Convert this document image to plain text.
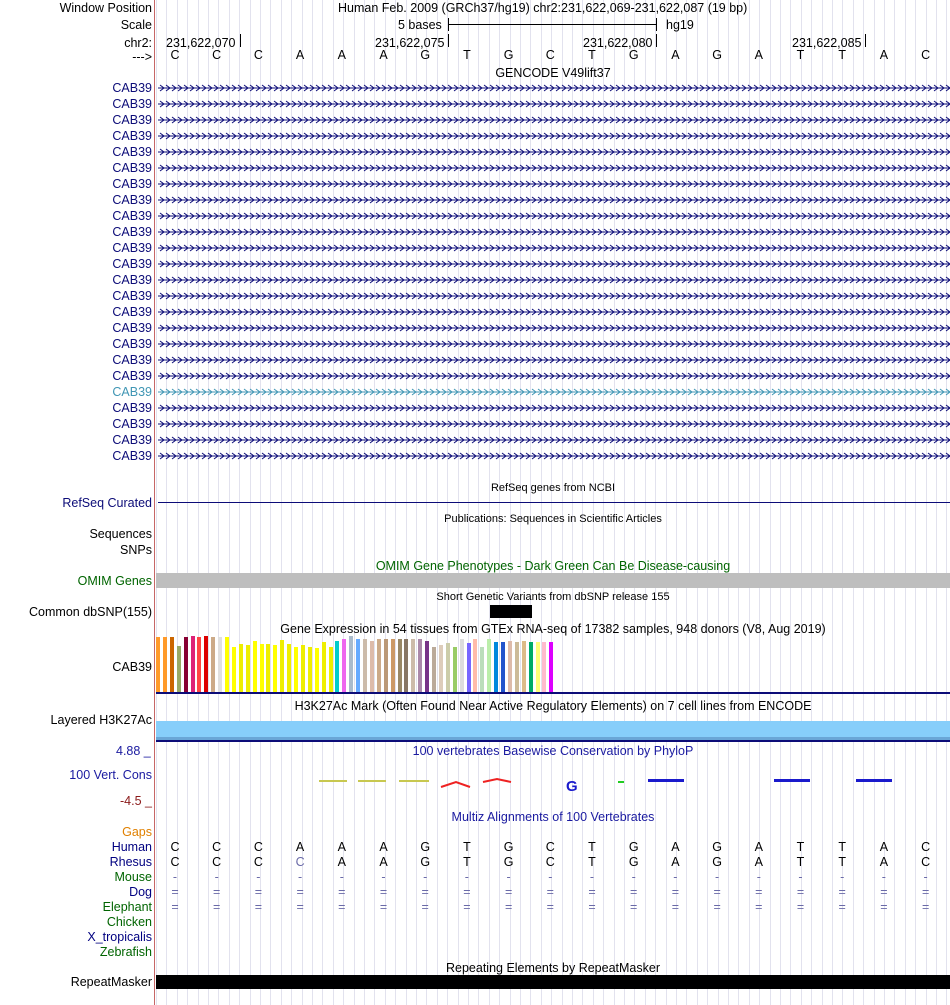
Window Position	Human Feb. 2009 (GRCh37/hg19) chr2:231,622,069-231,622,087 (19 bp)
Scale	5 bases	hg19
chr2: 231,622,070	231,622,075	231,622,080	231,622,085
--->	C	C	C	A	A	A	G	T	G	C	T	G	A	G	A	T	T	A	C
GENCODE V49lift37
CAB39
CAB39
CAB39
CAB39
CAB39
CAB39
CAB39
CAB39
CAB39
CAB39
CAB39
CAB39
CAB39
CAB39
CAB39
CAB39
CAB39
CAB39
CAB39
CAB39
CAB39
CAB39
CAB39
CAB39
RefSeq genes from NCBI
RefSeq Curated
Publications: Sequences in Scientific Articles
Sequences
SNPs
OMIM Gene Phenotypes - Dark Green Can Be Disease-causing
OMIM Genes
Short Genetic Variants from dbSNP release 155
Common dbSNP(155)
Gene Expression in 54 tissues from GTEx RNA-seq of 17382 samples, 948 donors (V8, Aug 2019)
CAB39
H3K27Ac Mark (Often Found Near Active Regulatory Elements) on 7 cell lines from ENCODE
Layered H3K27Ac
4.88 _	100 vertebrates Basewise Conservation by PhyloP
100 Vert. Cons
G
-4.5 _
Multiz Alignments of 100 Vertebrates
Gaps
Human	C	C	C	A	A	A	G	T	G	C	T	G	A	G	A	T	T	A	C
Rhesus	C	C	C	C	A	A	G	T	G	C	T	G	A	G	A	T	T	A	C
Mouse	-	-	-	-	-	-	-	-	-	-	-	-	-	-	-	-	-	-	-
Dog	=	=	=	=	=	=	=	=	=	=	=	=	=	=	=	=	=	=	=
Elephant	=	=	=	=	=	=	=	=	=	=	=	=	=	=	=	=	=	=	=
Chicken
X_tropicalis
Zebrafish
Repeating Elements by RepeatMasker
RepeatMasker
